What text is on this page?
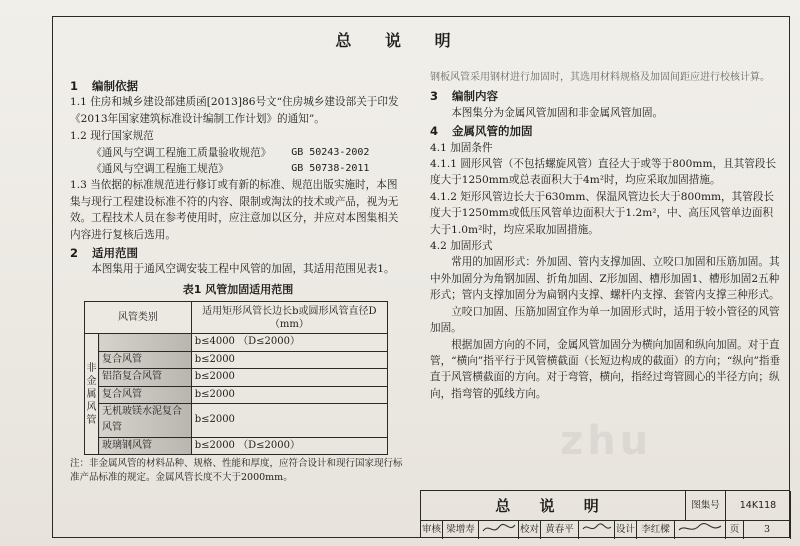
zhu
总 说 明
1 编制依据
1.1 住房和城乡建设部建质函[2013]86号文“住房城乡建设部关于印发《2013年国家建筑标准设计编制工作计划》的通知”。
1.2 现行国家规范
《通风与空调工程施工质量验收规范》	GB 50243-2002
《通风与空调工程施工规范》	GB 50738-2011
1.3 当依据的标准规范进行修订或有新的标准、规范出版实施时，本图集与现行工程建设标准不符的内容、限制或淘汰的技术或产品，视为无效。工程技术人员在参考使用时，应注意加以区分，并应对本图集相关内容进行复核后选用。
2 适用范围
本图集用于通风空调安装工程中风管的加固，其适用范围见表1。
表1 风管加固适用范围
风管类别		适用矩形风管长边长b或圆形风管直径D（mm）
非金属风管		b≤4000 （D≤2000）
	复合风管	b≤2000
	铝箔复合风管	b≤2000
	复合风管	b≤2000
	无机玻镁水泥复合风管	b≤2000
	玻璃钢风管	b≤2000 （D≤2000）
注：非金属风管的材料品种、规格、性能和厚度，应符合设计和现行国家现行标准产品标准的规定。金属风管长度不大于2000mm。
钢板风管采用钢材进行加固时，其选用材料规格及加固间距应进行校核计算。
3 编制内容
本图集分为金属风管加固和非金属风管加固。
4 金属风管的加固
4.1 加固条件
4.1.1 圆形风管（不包括螺旋风管）直径大于或等于800mm，且其管段长度大于1250mm或总表面积大于4m²时，均应采取加固措施。
4.1.2 矩形风管边长大于630mm、保温风管边长大于800mm，其管段长度大于1250mm或低压风管单边面积大于1.2m²，中、高压风管单边面积大于1.0m²时，均应采取加固措施。
4.2 加固形式
常用的加固形式：外加固、管内支撑加固、立咬口加固和压筋加固。其中外加固分为角钢加固、折角加固、Z形加固、槽形加固1、槽形加固2五种形式；管内支撑加固分为扁钢内支撑、螺杆内支撑、套管内支撑三种形式。
立咬口加固、压筋加固宜作为单一加固形式时，适用于较小管径的风管加固。
根据加固方向的不同，金属风管加固分为横向加固和纵向加固。对于直管，“横向”指平行于风管横截面（长短边构成的截面）的方向；“纵向”指垂直于风管横截面的方向。对于弯管，横向，指经过弯管圆心的半径方向；纵向，指弯管的弧线方向。
总 说 明	图集号	14K118
审核 梁增寿	校对 黄春平	设计 李红樑	页	3
